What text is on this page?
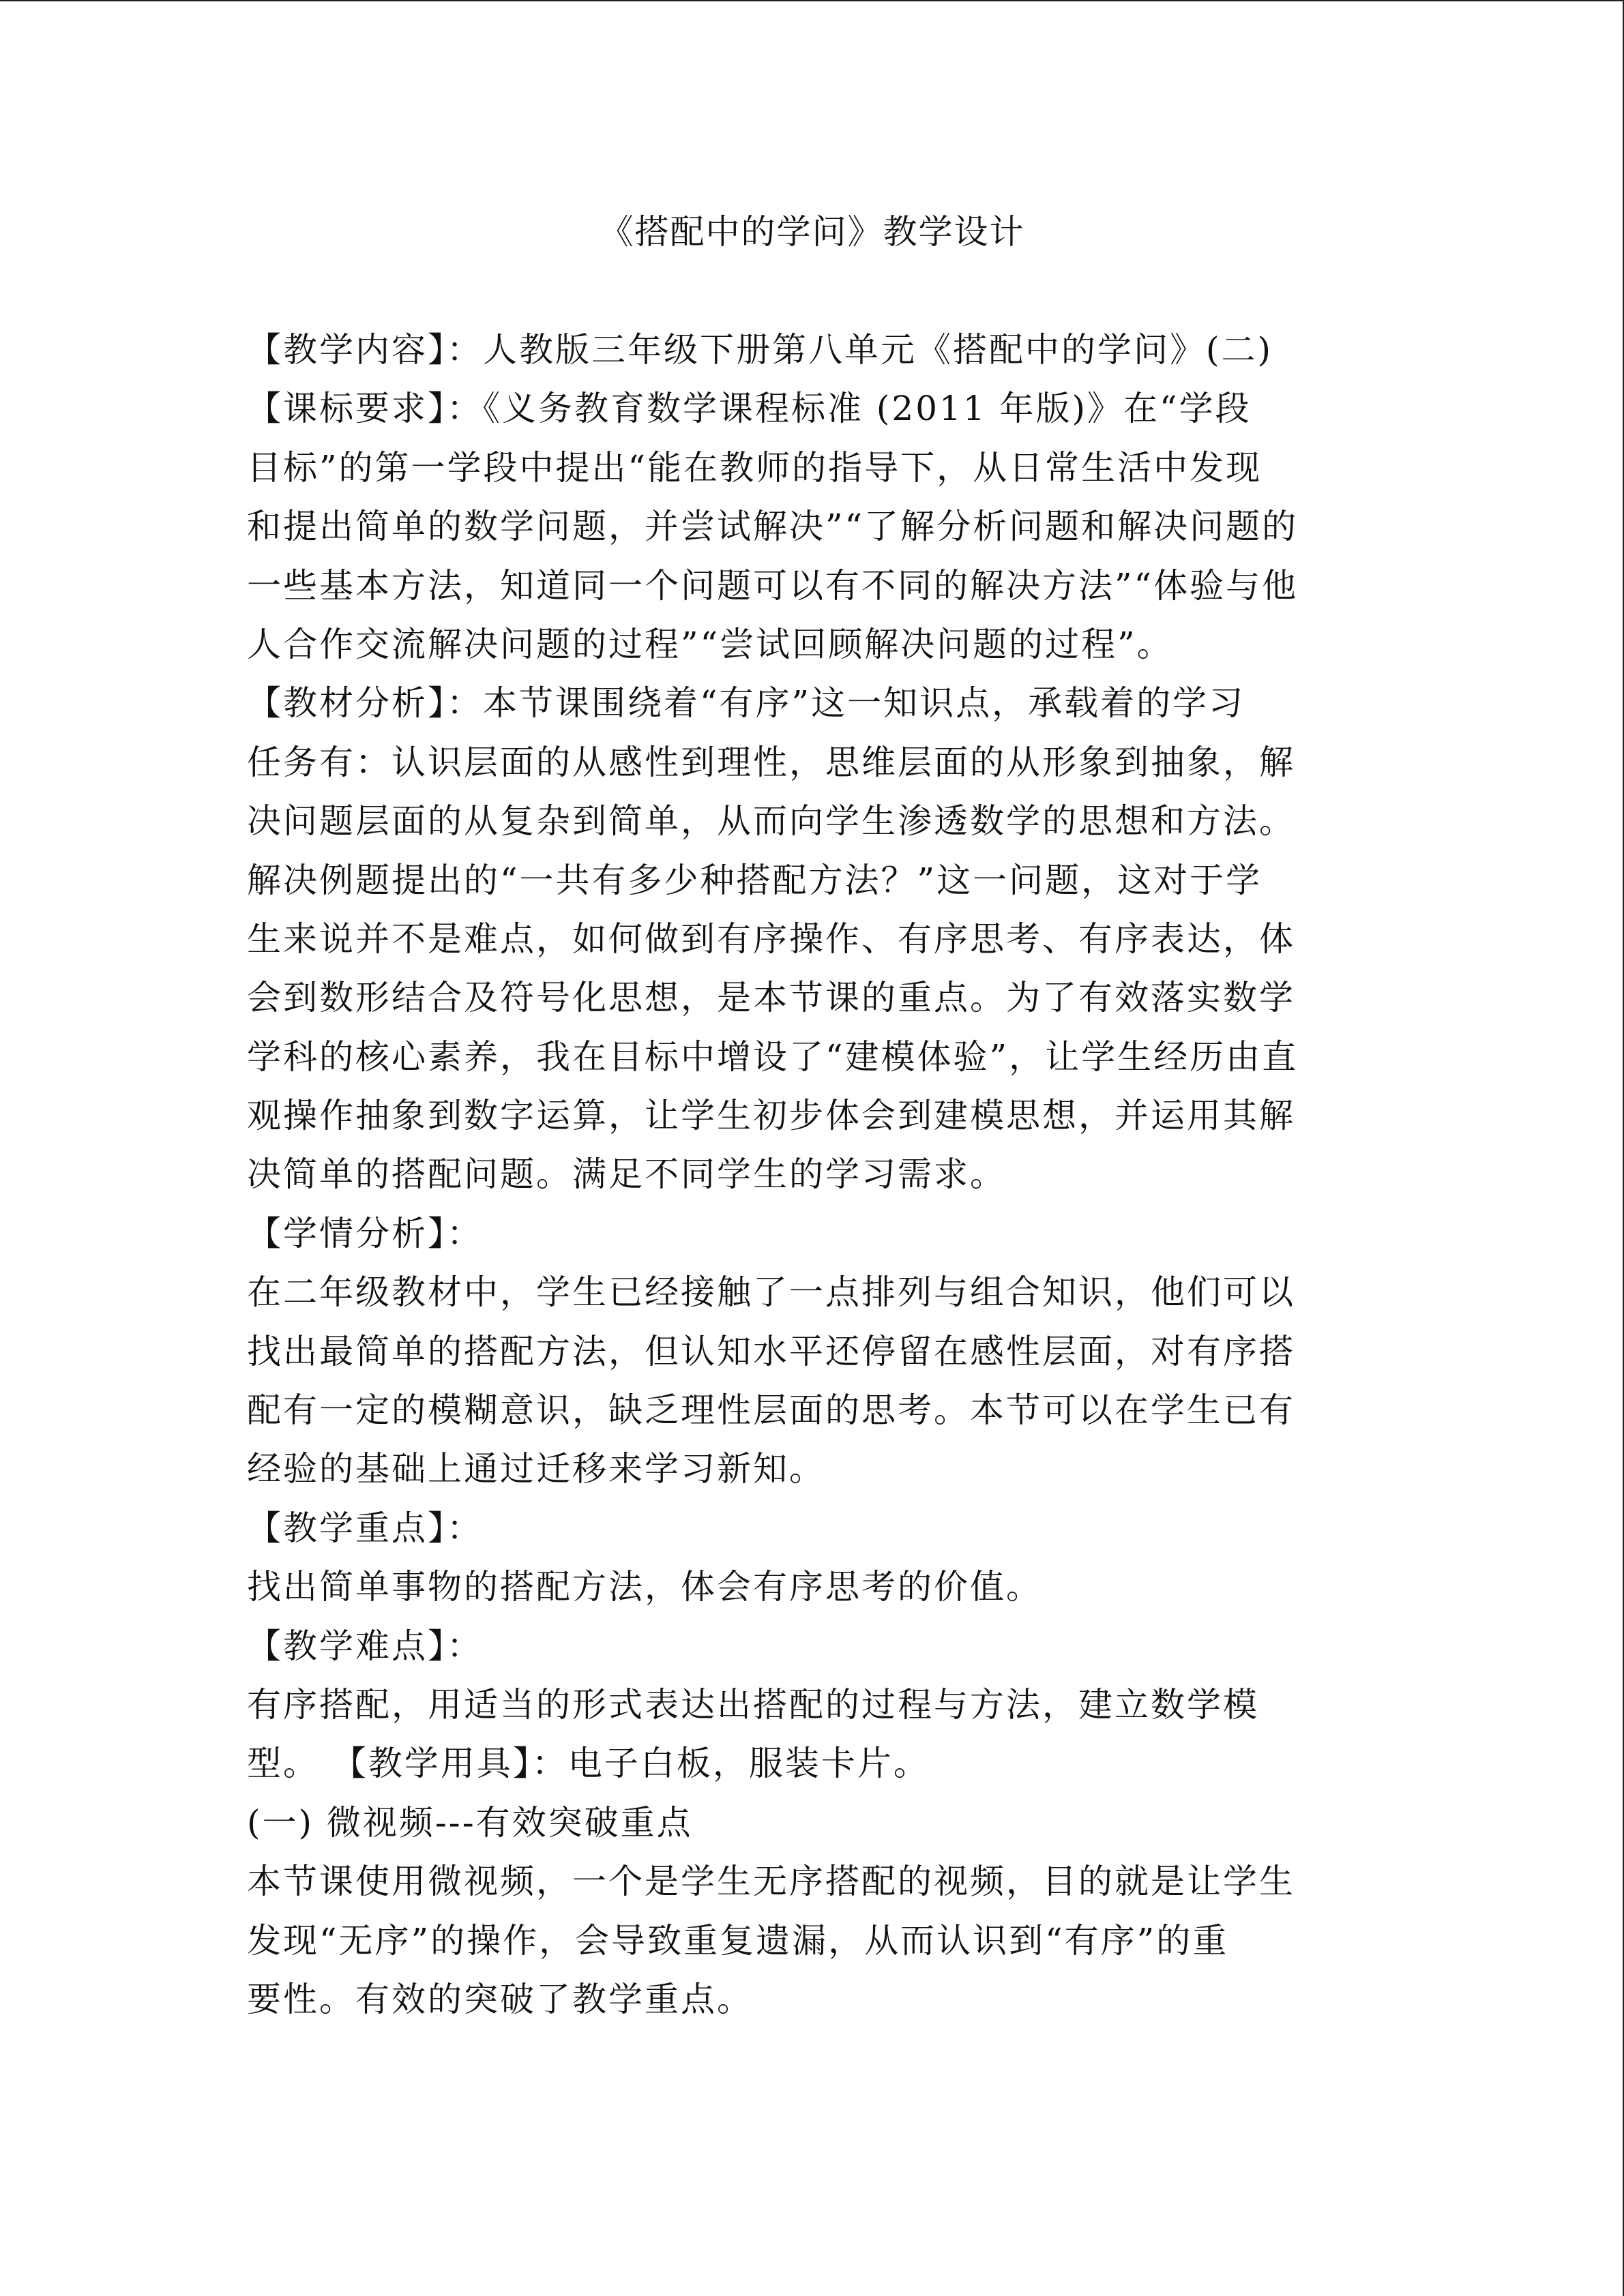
《搭配中的学问》教学设计
【教学内容】：人教版三年级下册第八单元《搭配中的学问》(二)
【课标要求】：《义务教育数学课程标准 (2011 年版)》在“学段
目标”的第一学段中提出“能在教师的指导下，从日常生活中发现
和提出简单的数学问题，并尝试解决”“了解分析问题和解决问题的
一些基本方法，知道同一个问题可以有不同的解决方法”“体验与他
人合作交流解决问题的过程”“尝试回顾解决问题的过程”。
【教材分析】：本节课围绕着“有序”这一知识点，承载着的学习
任务有：认识层面的从感性到理性，思维层面的从形象到抽象，解
决问题层面的从复杂到简单，从而向学生渗透数学的思想和方法。
解决例题提出的“一共有多少种搭配方法？”这一问题，这对于学
生来说并不是难点，如何做到有序操作、有序思考、有序表达，体
会到数形结合及符号化思想，是本节课的重点。为了有效落实数学
学科的核心素养，我在目标中增设了“建模体验”，让学生经历由直
观操作抽象到数字运算，让学生初步体会到建模思想，并运用其解
决简单的搭配问题。满足不同学生的学习需求。
【学情分析】：
在二年级教材中，学生已经接触了一点排列与组合知识，他们可以
找出最简单的搭配方法，但认知水平还停留在感性层面，对有序搭
配有一定的模糊意识，缺乏理性层面的思考。本节可以在学生已有
经验的基础上通过迁移来学习新知。
【教学重点】：
找出简单事物的搭配方法，体会有序思考的价值。
【教学难点】：
有序搭配，用适当的形式表达出搭配的过程与方法，建立数学模
型。 【教学用具】：电子白板，服装卡片。
(一) 微视频---有效突破重点
本节课使用微视频，一个是学生无序搭配的视频，目的就是让学生
发现“无序”的操作，会导致重复遗漏，从而认识到“有序”的重
要性。有效的突破了教学重点。
